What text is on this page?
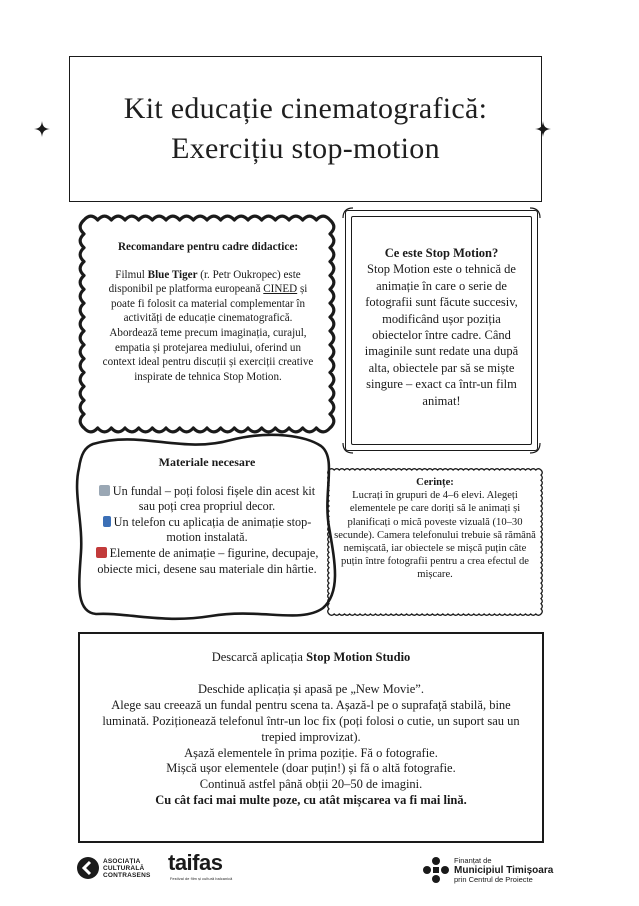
Kit educație cinematografică:
Exercițiu stop-motion
Recomandare pentru cadre didactice:
Filmul Blue Tiger (r. Petr Oukropec) este disponibil pe platforma europeană CINED și poate fi folosit ca material complementar în activități de educație cinematografică. Abordează teme precum imaginația, curajul, empatia și protejarea mediului, oferind un context ideal pentru discuții și exerciții creative inspirate de tehnica Stop Motion.
Ce este Stop Motion?
Stop Motion este o tehnică de animație în care o serie de fotografii sunt făcute succesiv, modificând ușor poziția obiectelor între cadre. Când imaginile sunt redate una după alta, obiectele par să se miște singure – exact ca într-un film animat!
Materiale necesare
Un fundal – poți folosi fișele din acest kit sau poți crea propriul decor.
Un telefon cu aplicația de animație stop-motion instalată.
Elemente de animație – figurine, decupaje, obiecte mici, desene sau materiale din hârtie.
Cerințe:
Lucrați în grupuri de 4–6 elevi. Alegeți elementele pe care doriți să le animați și planificați o mică poveste vizuală (10–30 secunde). Camera telefonului trebuie să rămână nemișcată, iar obiectele se mișcă puțin câte puțin între fotografii pentru a crea efectul de mișcare.
Descarcă aplicația Stop Motion Studio
Deschide aplicația și apasă pe „New Movie”.
Alege sau creează un fundal pentru scena ta. Așază-l pe o suprafață stabilă, bine luminată. Poziționează telefonul într-un loc fix (poți folosi o cutie, un suport sau un trepied improvizat).
Așază elementele în prima poziție. Fă o fotografie.
Mișcă ușor elementele (doar puțin!) și fă o altă fotografie.
Continuă astfel până obții 20–50 de imagini.
Cu cât faci mai multe poze, cu atât mișcarea va fi mai lină.
ASOCIAȚIA
CULTURALĂ
CONTRASENS
taifas
Festival de film și cultură balcanică
Finanțat de
Municipiul Timișoara
prin Centrul de Proiecte
